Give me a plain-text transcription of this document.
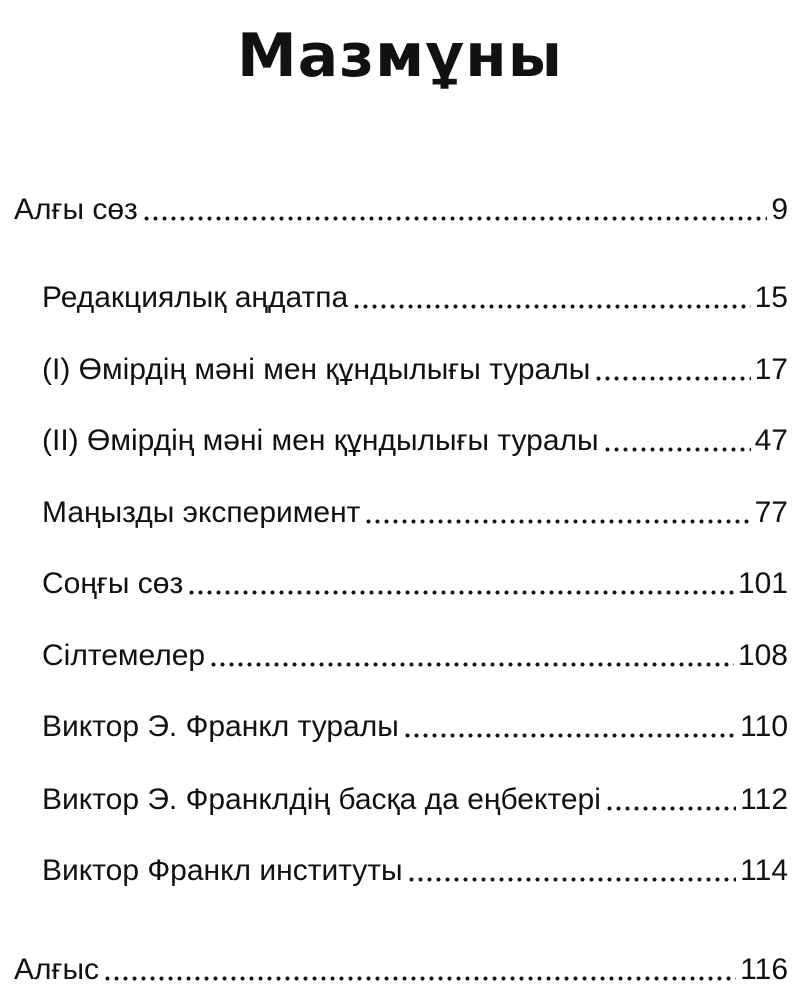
Мазмұны
Алғы сөз	9
Редакциялық аңдатпа	15
(I) Өмірдің мәні мен құндылығы туралы	17
(II) Өмірдің мәні мен құндылығы туралы	47
Маңызды эксперимент	77
Соңғы сөз	101
Сілтемелер	108
Виктор Э. Франкл туралы	110
Виктор Э. Франклдің басқа да еңбектері	112
Виктор Франкл институты	114
Алғыс	116
